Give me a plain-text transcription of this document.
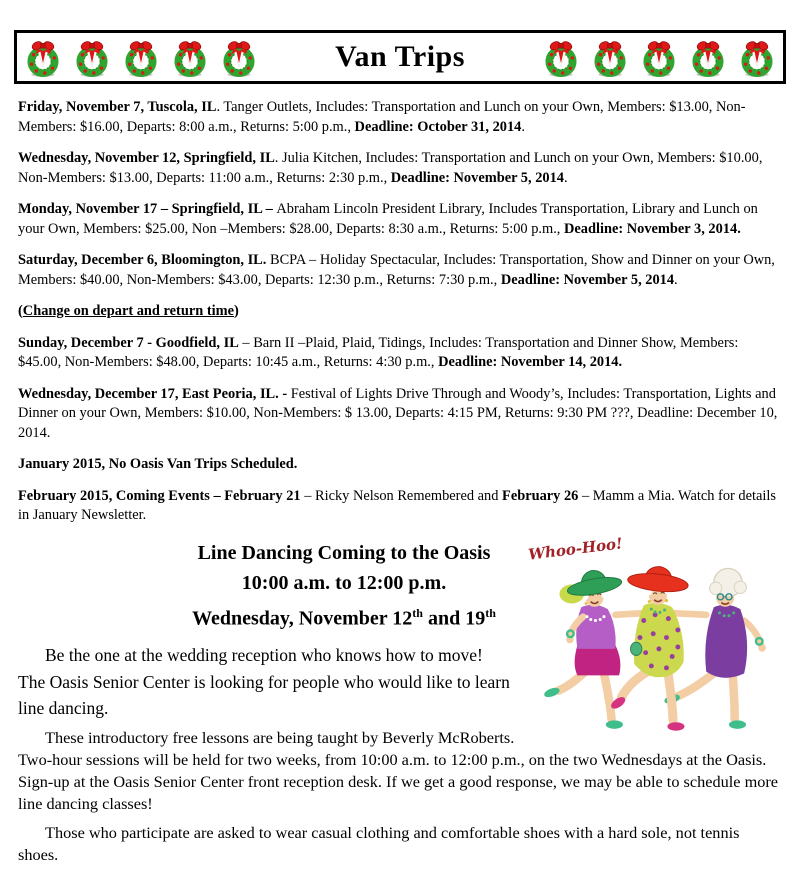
Van Trips

Friday, November 7, Tuscola, IL. Tanger Outlets, Includes: Transportation and Lunch on your Own, Members: $13.00, Non-Members: $16.00, Departs: 8:00 a.m., Returns: 5:00 p.m., Deadline: October 31, 2014.

Wednesday, November 12, Springfield, IL. Julia Kitchen, Includes: Transportation and Lunch on your Own, Members: $10.00, Non-Members: $13.00, Departs: 11:00 a.m., Returns: 2:30 p.m., Deadline: November 5, 2014.

Monday, November 17 – Springfield, IL – Abraham Lincoln President Library, Includes Transportation, Library and Lunch on your Own, Members: $25.00, Non –Members: $28.00, Departs: 8:30 a.m., Returns: 5:00 p.m., Deadline: November 3, 2014.

Saturday, December 6, Bloomington, IL. BCPA – Holiday Spectacular, Includes: Transportation, Show and Dinner on your Own, Members: $40.00, Non-Members: $43.00, Departs: 12:30 p.m., Returns: 7:30 p.m., Deadline: November 5, 2014.

(Change on depart and return time)

Sunday, December 7 - Goodfield, IL – Barn II –Plaid, Plaid, Tidings, Includes: Transportation and Dinner Show, Members: $45.00, Non-Members: $48.00, Departs: 10:45 a.m., Returns: 4:30 p.m., Deadline: November 14, 2014.

Wednesday, December 17, East Peoria, IL. - Festival of Lights Drive Through and Woody’s, Includes: Transportation, Lights and Dinner on your Own, Members: $10.00, Non-Members: $ 13.00, Departs: 4:15 PM, Returns: 9:30 PM ???, Deadline: December 10, 2014.

January 2015, No Oasis Van Trips Scheduled.

February 2015, Coming Events – February 21 – Ricky Nelson Remembered and February 26 – Mamm a Mia. Watch for details in January Newsletter.

Whoo-Hoo!
Line Dancing Coming to the Oasis
10:00 a.m. to 12:00 p.m.
Wednesday, November 12th and 19th

Be the one at the wedding reception who knows how to move!

The Oasis Senior Center is looking for people who would like to learn line dancing.

These introductory free lessons are being taught by Beverly McRoberts. Two-hour sessions will be held for two weeks, from 10:00 a.m. to 12:00 p.m., on the two Wednesdays at the Oasis. Sign-up at the Oasis Senior Center front reception desk. If we get a good response, we may be able to schedule more line dancing classes!

Those who participate are asked to wear casual clothing and comfortable shoes with a hard sole, not tennis shoes.
